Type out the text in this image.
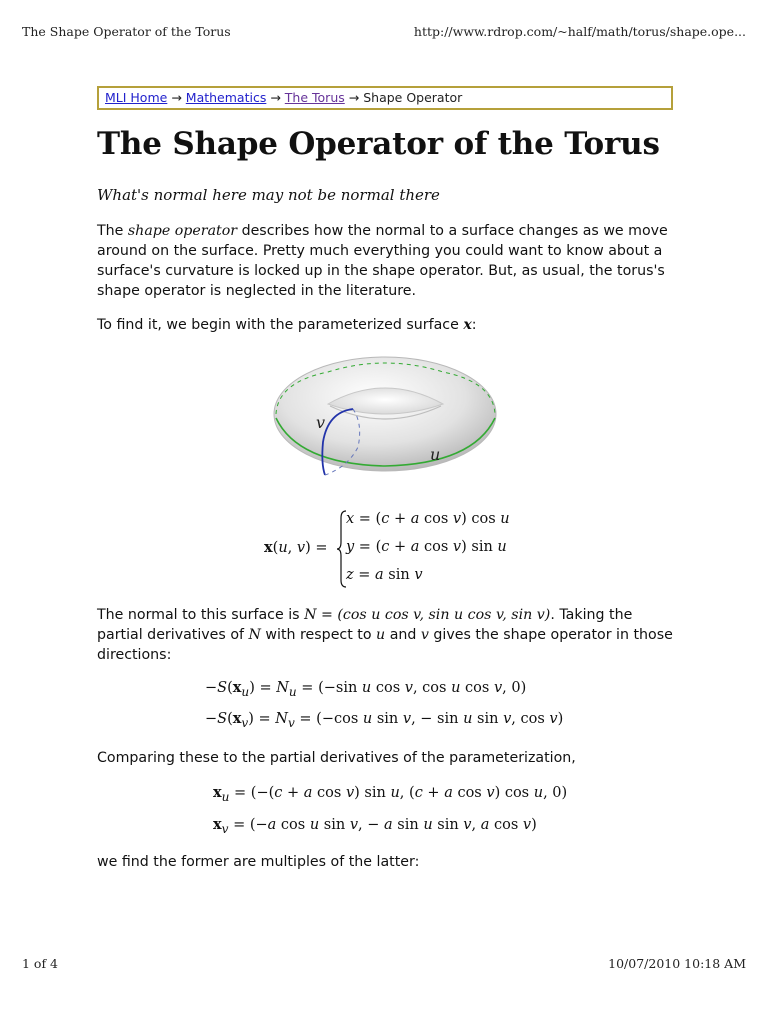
The Shape Operator of the Torus	http://www.rdrop.com/~half/math/torus/shape.ope...
MLI Home → Mathematics → The Torus → Shape Operator
The Shape Operator of the Torus
What's normal here may not be normal there
The shape operator describes how the normal to a surface changes as we move around on the surface. Pretty much everything you could want to know about a surface's curvature is locked up in the shape operator. But, as usual, the torus's shape operator is neglected in the literature.
To find it, we begin with the parameterized surface x:
v
u
x(u, v) =
x = (c + a cos v) cos u
y = (c + a cos v) sin u
z = a sin v
The normal to this surface is N = (cos u cos v, sin u cos v, sin v). Taking the partial derivatives of N with respect to u and v gives the shape operator in those directions:
$-S(x_u) = N_u = (-\sin$ u cos v, cos u cos v, 0)
$-S(x_v) = N_v = (-\cos$ u sin v, − sin u sin v, cos v)
Comparing these to the partial derivatives of the parameterization,
$x_u = (-(c + a$ cos v) sin u, (c + a cos v) cos u, 0)
$x_v = (-a$ cos u sin v, − a sin u sin v, a cos v)
we find the former are multiples of the latter:
1 of 4	10/07/2010 10:18 AM
